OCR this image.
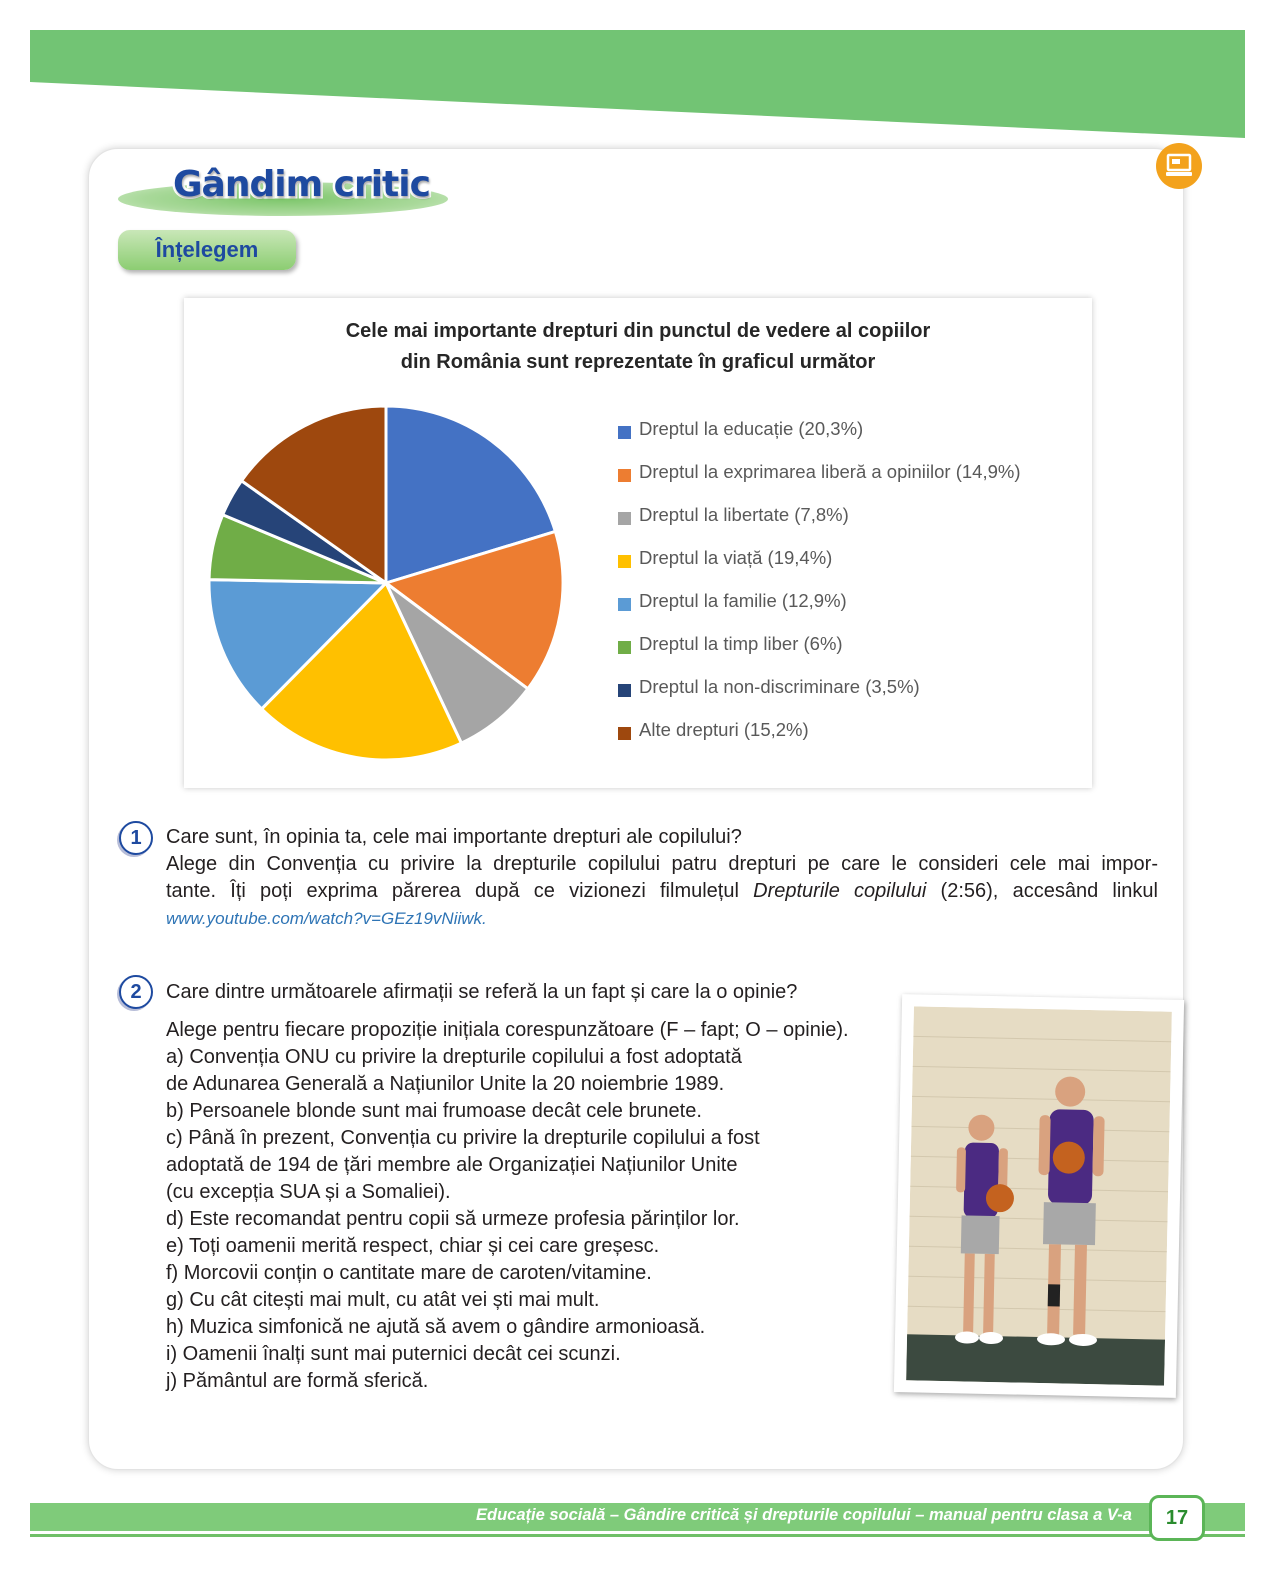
Gândim critic
Înțelegem
Cele mai importante drepturi din punctul de vedere al copiilor
din România sunt reprezentate în graficul următor
Dreptul la educație (20,3%)
Dreptul la exprimarea liberă a opiniilor (14,9%)
Dreptul la libertate (7,8%)
Dreptul la viață (19,4%)
Dreptul la familie (12,9%)
Dreptul la timp liber (6%)
Dreptul la non-discriminare (3,5%)
Alte drepturi (15,2%)
1	Care sunt, în opinia ta, cele mai importante drepturi ale copilului?
Alege din Convenția cu privire la drepturile copilului patru drepturi pe care le consideri cele mai impor-
tante. Îți poți exprima părerea după ce vizionezi filmulețul Drepturile copilului (2:56), accesând linkul
www.youtube.com/watch?v=GEz19vNiiwk.
2	Care dintre următoarele afirmații se referă la un fapt și care la o opinie?
Alege pentru fiecare propoziție inițiala corespunzătoare (F – fapt; O – opinie).
a) Convenția ONU cu privire la drepturile copilului a fost adoptată
de Adunarea Generală a Națiunilor Unite la 20 noiembrie 1989.
b) Persoanele blonde sunt mai frumoase decât cele brunete.
c) Până în prezent, Convenția cu privire la drepturile copilului a fost
adoptată de 194 de țări membre ale Organizației Națiunilor Unite
(cu excepția SUA și a Somaliei).
d) Este recomandat pentru copii să urmeze profesia părinților lor.
e) Toți oamenii merită respect, chiar și cei care greșesc.
f) Morcovii conțin o cantitate mare de caroten/vitamine.
g) Cu cât citești mai mult, cu atât vei ști mai mult.
h) Muzica simfonică ne ajută să avem o gândire armonioasă.
i) Oamenii înalți sunt mai puternici decât cei scunzi.
j) Pământul are formă sferică.
Educație socială – Gândire critică și drepturile copilului – manual pentru clasa a V-a	17
